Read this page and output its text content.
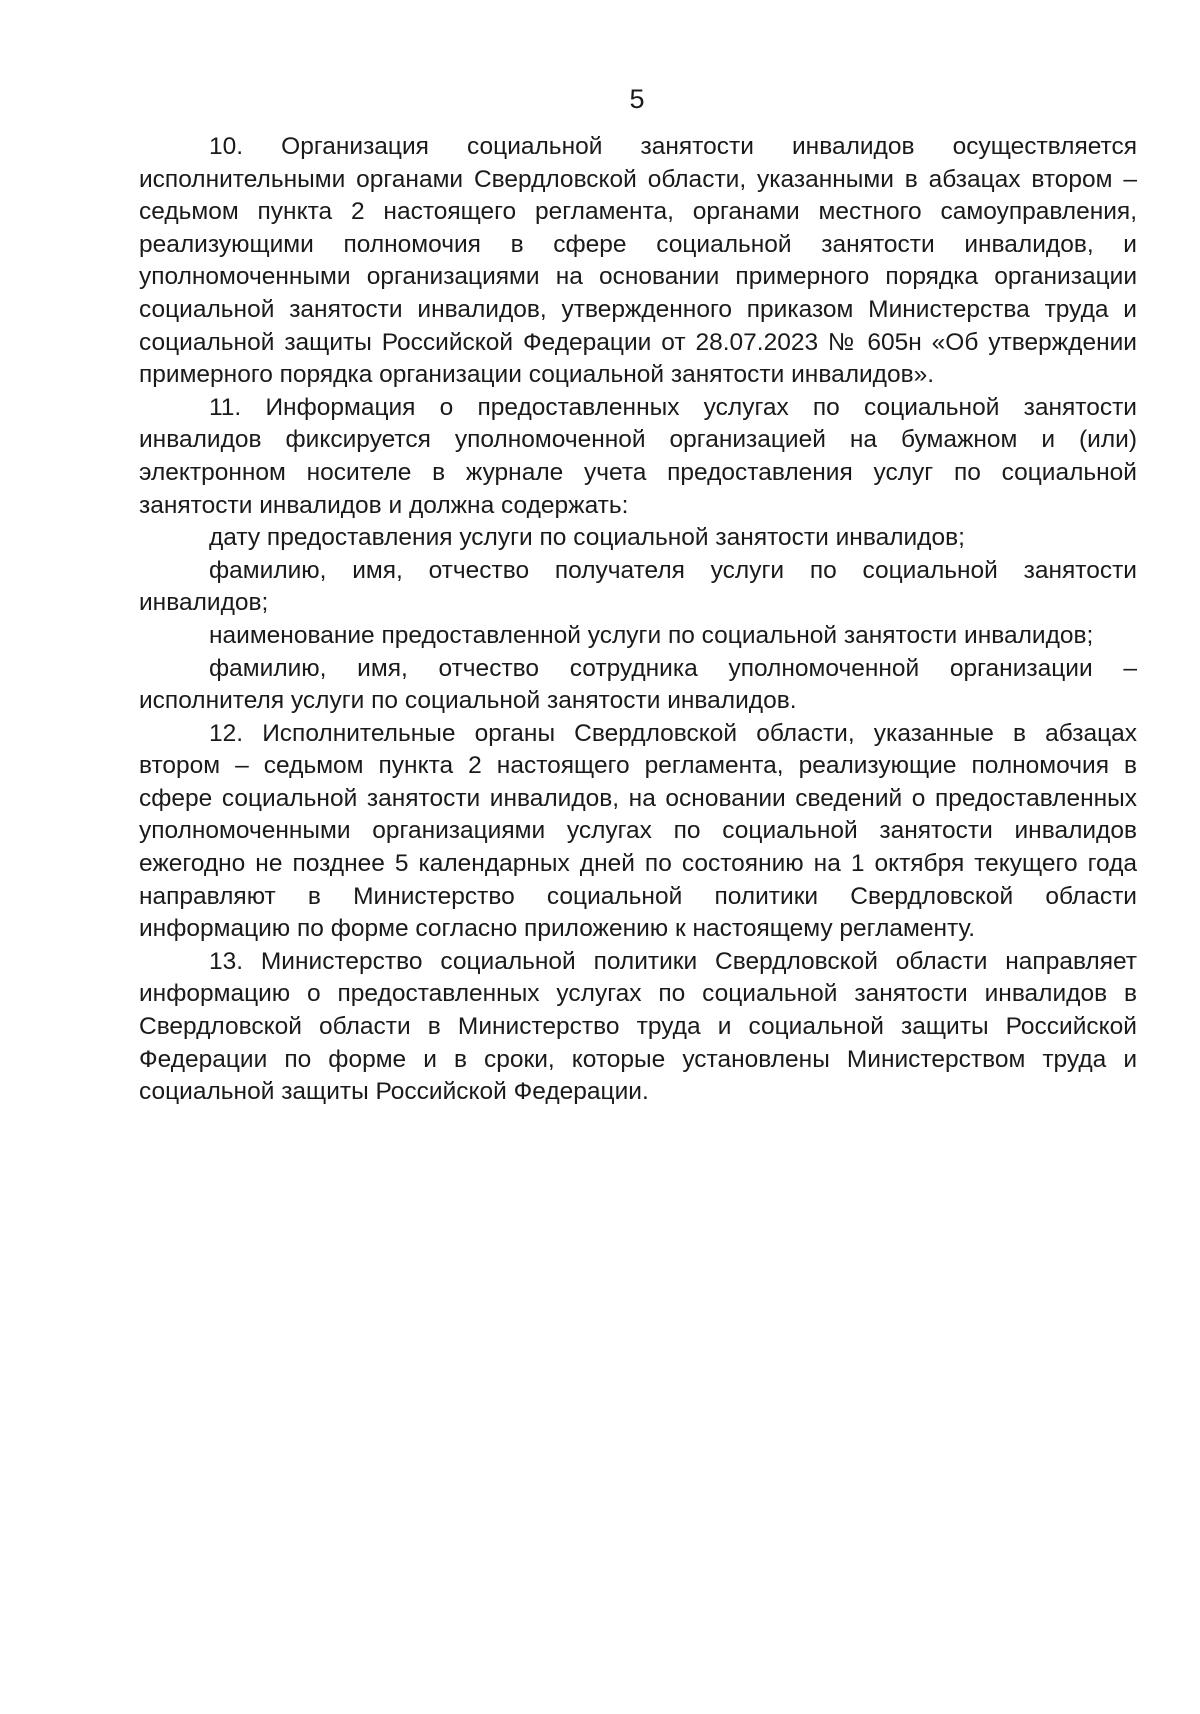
5

10. Организация социальной занятости инвалидов осуществляется исполнительными органами Свердловской области, указанными в абзацах втором – седьмом пункта 2 настоящего регламента, органами местного самоуправления, реализующими полномочия в сфере социальной занятости инвалидов, и уполномоченными организациями на основании примерного порядка организации социальной занятости инвалидов, утвержденного приказом Министерства труда и социальной защиты Российской Федерации от 28.07.2023 № 605н «Об утверждении примерного порядка организации социальной занятости инвалидов».

11. Информация о предоставленных услугах по социальной занятости инвалидов фиксируется уполномоченной организацией на бумажном и (или) электронном носителе в журнале учета предоставления услуг по социальной занятости инвалидов и должна содержать:

дату предоставления услуги по социальной занятости инвалидов;

фамилию, имя, отчество получателя услуги по социальной занятости инвалидов;

наименование предоставленной услуги по социальной занятости инвалидов;

фамилию, имя, отчество сотрудника уполномоченной организации – исполнителя услуги по социальной занятости инвалидов.

12. Исполнительные органы Свердловской области, указанные в абзацах втором – седьмом пункта 2 настоящего регламента, реализующие полномочия в сфере социальной занятости инвалидов, на основании сведений о предоставленных уполномоченными организациями услугах по социальной занятости инвалидов ежегодно не позднее 5 календарных дней по состоянию на 1 октября текущего года направляют в Министерство социальной политики Свердловской области информацию по форме согласно приложению к настоящему регламенту.

13. Министерство социальной политики Свердловской области направляет информацию о предоставленных услугах по социальной занятости инвалидов в Свердловской области в Министерство труда и социальной защиты Российской Федерации по форме и в сроки, которые установлены Министерством труда и социальной защиты Российской Федерации.
